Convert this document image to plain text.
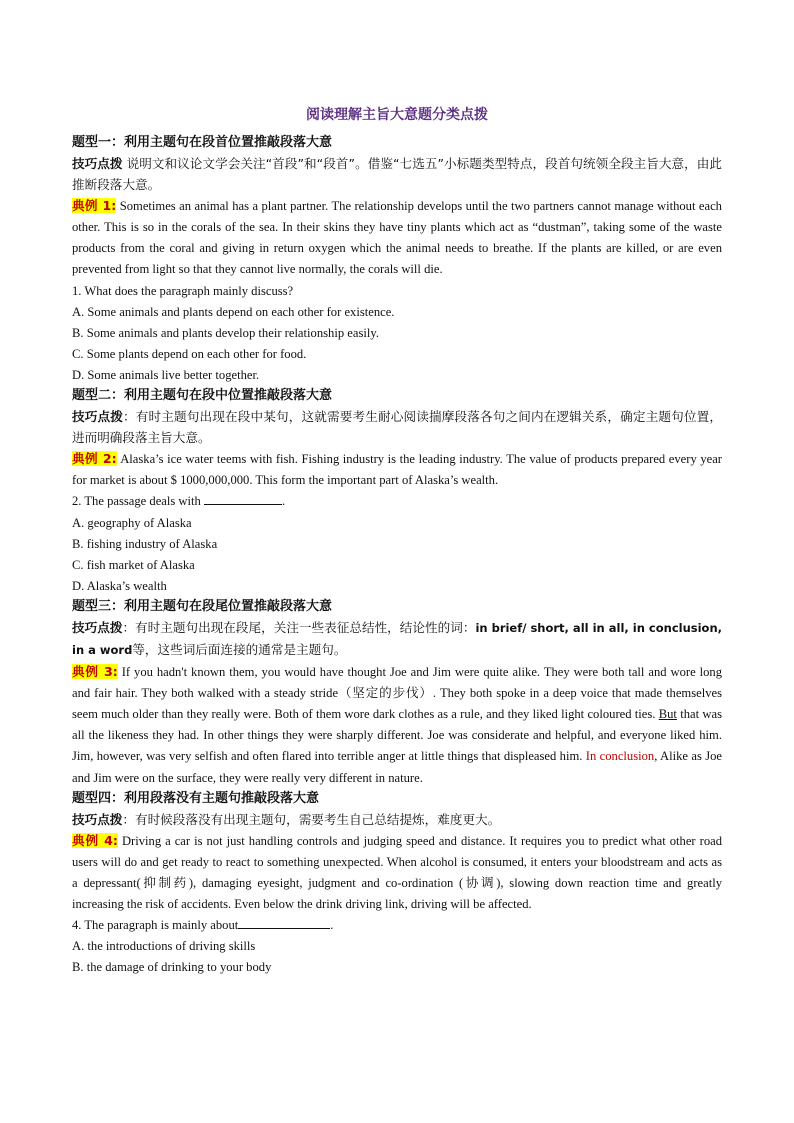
阅读理解主旨大意题分类点拨
题型一：利用主题句在段首位置推敲段落大意
技巧点拨 说明文和议论文学会关注“首段”和“段首”。借鉴“七选五”小标题类型特点，段首句统领全段主旨大意，由此推断段落大意。
典例 1: Sometimes an animal has a plant partner. The relationship develops until the two partners cannot manage without each other. This is so in the corals of the sea. In their skins they have tiny plants which act as “dustman”, taking some of the waste products from the coral and giving in return oxygen which the animal needs to breathe. If the plants are killed, or are even prevented from light so that they cannot live normally, the corals will die.
1. What does the paragraph mainly discuss?
A. Some animals and plants depend on each other for existence.
B. Some animals and plants develop their relationship easily.
C. Some plants depend on each other for food.
D. Some animals live better together.
题型二：利用主题句在段中位置推敲段落大意
技巧点拨：有时主题句出现在段中某句，这就需要考生耐心阅读揣摩段落各句之间内在逻辑关系，确定主题句位置，进而明确段落主旨大意。
典例 2: Alaska’s ice water teems with fish. Fishing industry is the leading industry. The value of products prepared every year for market is about $ 1000,000,000. This form the important part of Alaska’s wealth.
2. The passage deals with	.
A. geography of Alaska
B. fishing industry of Alaska
C. fish market of Alaska
D. Alaska’s wealth
题型三：利用主题句在段尾位置推敲段落大意
技巧点拨：有时主题句出现在段尾，关注一些表征总结性，结论性的词：in brief/ short, all in all, in conclusion, in a word等，这些词后面连接的通常是主题句。
典例 3: If you hadn't known them, you would have thought Joe and Jim were quite alike. They were both tall and wore long and fair hair. They both walked with a steady stride（坚定的步伐）. They both spoke in a deep voice that made themselves seem much older than they really were. Both of them wore dark clothes as a rule, and they liked light coloured ties. But that was all the likeness they had. In other things they were sharply different. Joe was considerate and helpful, and everyone liked him. Jim, however, was very selfish and often flared into terrible anger at little things that displeased him. In conclusion, Alike as Joe and Jim were on the surface, they were really very different in nature.
题型四：利用段落没有主题句推敲段落大意
技巧点拨：有时候段落没有出现主题句，需要考生自己总结提炼，难度更大。
典例 4: Driving a car is not just handling controls and judging speed and distance. It requires you to predict what other road users will do and get ready to react to something unexpected. When alcohol is consumed, it enters your bloodstream and acts as a depressant(抑制药), damaging eyesight, judgment and co-ordination (协调), slowing down reaction time and greatly increasing the risk of accidents. Even below the drink driving link, driving will be affected.
4. The paragraph is mainly about	.
A. the introductions of driving skills
B. the damage of drinking to your body
